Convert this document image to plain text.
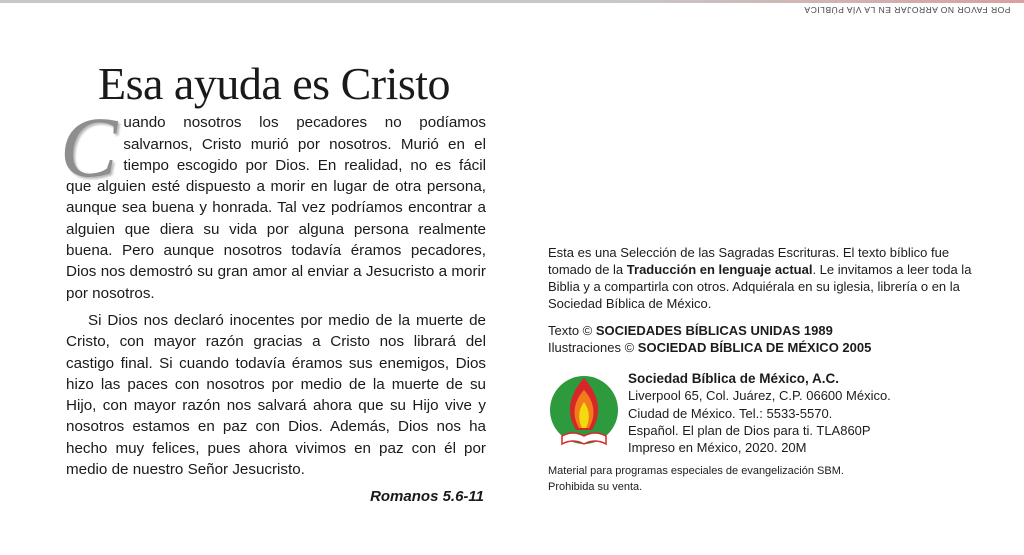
POR FAVOR NO ARROJAR EN LA VÍA PÚBLICA
Esa ayuda es Cristo

Cuando nosotros los pecadores no podíamos salvarnos, Cristo murió por nosotros. Murió en el tiempo escogido por Dios. En realidad, no es fácil que alguien esté dispuesto a morir en lugar de otra persona, aunque sea buena y honrada. Tal vez podríamos encontrar a alguien que diera su vida por alguna persona realmente buena. Pero aunque nosotros todavía éramos pecadores, Dios nos demostró su gran amor al enviar a Jesucristo a morir por nosotros.

Si Dios nos declaró inocentes por medio de la muerte de Cristo, con mayor razón gracias a Cristo nos librará del castigo final. Si cuando todavía éramos sus enemigos, Dios hizo las paces con nosotros por medio de la muerte de su Hijo, con mayor razón nos salvará ahora que su Hijo vive y nosotros estamos en paz con Dios. Además, Dios nos ha hecho muy felices, pues ahora vivimos en paz con él por medio de nuestro Señor Jesucristo.

Romanos 5.6-11

Esta es una Selección de las Sagradas Escrituras. El texto bíblico fue tomado de la Traducción en lenguaje actual. Le invitamos a leer toda la Biblia y a compartirla con otros. Adquiérala en su iglesia, librería o en la Sociedad Bíblica de México.

Texto © SOCIEDADES BÍBLICAS UNIDAS 1989
Ilustraciones © SOCIEDAD BÍBLICA DE MÉXICO 2005

Sociedad Bíblica de México, A.C.
Liverpool 65, Col. Juárez, C.P. 06600 México.
Ciudad de México. Tel.: 5533-5570.
Español. El plan de Dios para ti. TLA860P
Impreso en México, 2020. 20M
Material para programas especiales de evangelización SBM.
Prohibida su venta.
